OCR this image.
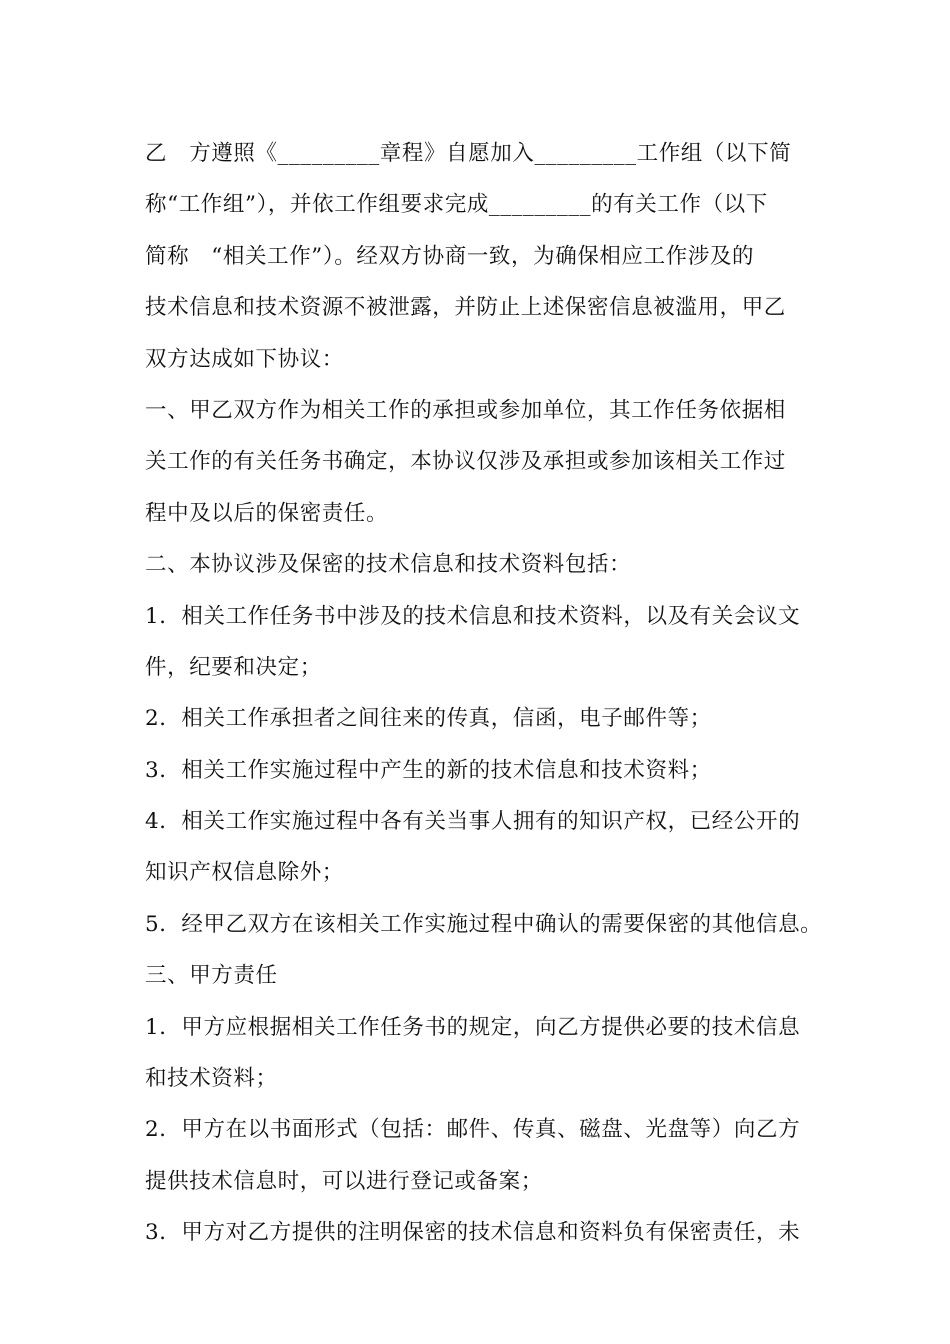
乙　方遵照《_________章程》自愿加入_________工作组（以下简
称“工作组”），并依工作组要求完成_________的有关工作（以下
简称　“相关工作”）。经双方协商一致，为确保相应工作涉及的
技术信息和技术资源不被泄露，并防止上述保密信息被滥用，甲乙
双方达成如下协议：
一、甲乙双方作为相关工作的承担或参加单位，其工作任务依据相
关工作的有关任务书确定，本协议仅涉及承担或参加该相关工作过
程中及以后的保密责任。
二、本协议涉及保密的技术信息和技术资料包括：
1．相关工作任务书中涉及的技术信息和技术资料，以及有关会议文
件，纪要和决定；
2．相关工作承担者之间往来的传真，信函，电子邮件等；
3．相关工作实施过程中产生的新的技术信息和技术资料；
4．相关工作实施过程中各有关当事人拥有的知识产权，已经公开的
知识产权信息除外；
5．经甲乙双方在该相关工作实施过程中确认的需要保密的其他信息。
三、甲方责任
1．甲方应根据相关工作任务书的规定，向乙方提供必要的技术信息
和技术资料；
2．甲方在以书面形式（包括：邮件、传真、磁盘、光盘等）向乙方
提供技术信息时，可以进行登记或备案；
3．甲方对乙方提供的注明保密的技术信息和资料负有保密责任，未
